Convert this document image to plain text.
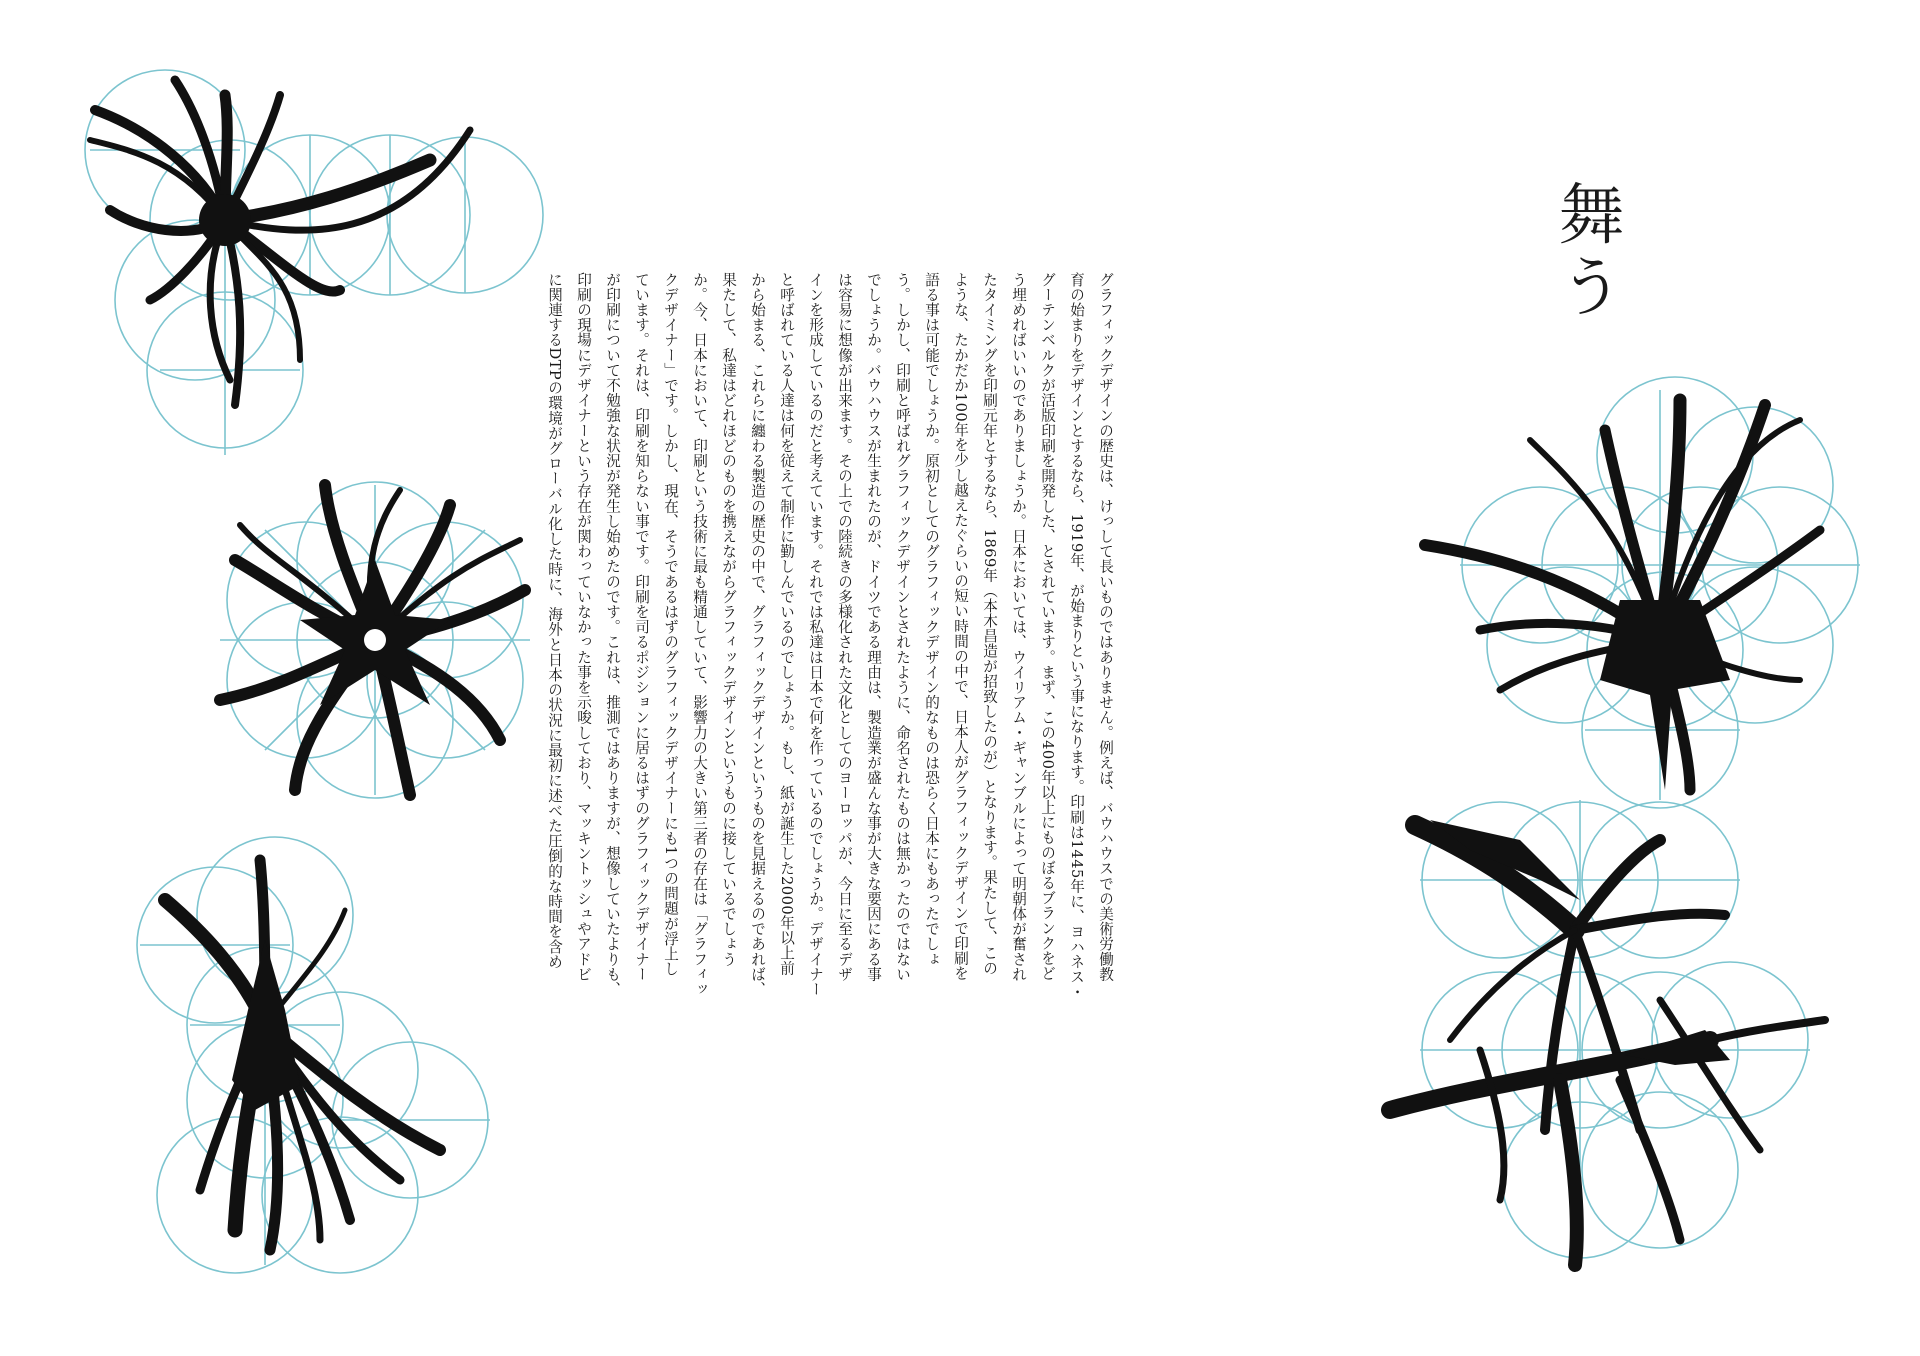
舞う

グラフィックデザインの歴史は、けっして長いものではありません。例えば、バウハウスでの美術労働教

育の始まりをデザインとするなら、1919年、が始まりという事になります。印刷は1445年に、ヨハネス・

グーテンベルクが活版印刷を開発した、とされています。まず、この400年以上にものぼるブランクをど

う埋めればいいのでありましょうか。日本においては、ウイリアム・ギャンブルによって明朝体が奮され

たタイミングを印刷元年とするなら、1869年（本木昌造が招致したのが）となります。果たして、この

ような、たかだか100年を少し越えたぐらいの短い時間の中で、日本人がグラフィックデザインで印刷を

語る事は可能でしょうか。原初としてのグラフィックデザイン的なものは恐らく日本にもあったでしょ

う。しかし、印刷と呼ばれグラフィックデザインとされたように、命名されたものは無かったのではない

でしょうか。バウハウスが生まれたのが、ドイツである理由は、製造業が盛んな事が大きな要因にある事

は容易に想像が出来ます。その上での陸続きの多様化された文化としてのヨーロッパが、今日に至るデザ

インを形成しているのだと考えています。それでは私達は日本で何を作っているのでしょうか。デザイナー

と呼ばれている人達は何を従えて制作に勤しんでいるのでしょうか。もし、紙が誕生した2000年以上前

から始まる、これらに纏わる製造の歴史の中で、グラフィックデザインというものを見据えるのであれば、

果たして、私達はどれほどのものを携えながらグラフィックデザインというものに接しているでしょう

か。今、日本において、印刷という技術に最も精通していて、影響力の大きい第三者の存在は「グラフィッ

クデザイナー」です。しかし、現在、そうであるはずのグラフィックデザイナーにも1つの問題が浮上し

ています。それは、印刷を知らない事です。印刷を司るポジションに居るはずのグラフィックデザイナー

が印刷について不勉強な状況が発生し始めたのです。これは、推測ではありますが、想像していたよりも、

印刷の現場にデザイナーという存在が関わっていなかった事を示唆しており、マッキントッシュやアドビ

に関連するDTPの環境がグローバル化した時に、海外と日本の状況に最初に述べた圧倒的な時間を含め
